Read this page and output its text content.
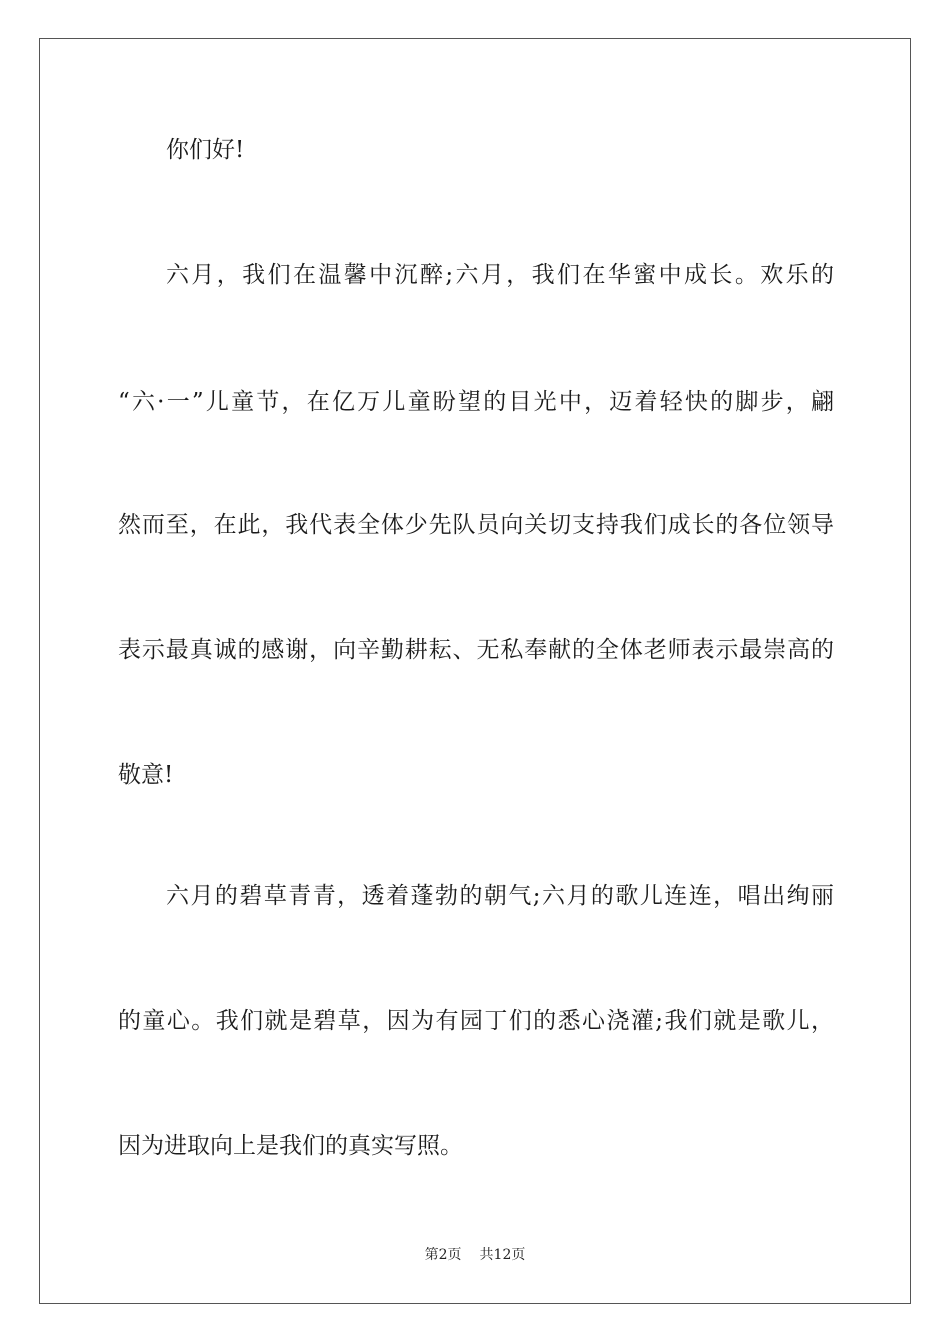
你们好!
六月，我们在温馨中沉醉;六月，我们在华蜜中成长。欢乐的
“六·一”儿童节，在亿万儿童盼望的目光中，迈着轻快的脚步，翩
然而至，在此，我代表全体少先队员向关切支持我们成长的各位领导
表示最真诚的感谢，向辛勤耕耘、无私奉献的全体老师表示最崇高的
敬意!
六月的碧草青青，透着蓬勃的朝气;六月的歌儿连连，唱出绚丽
的童心。我们就是碧草，因为有园丁们的悉心浇灌;我们就是歌儿，
因为进取向上是我们的真实写照。
第2页 共12页
